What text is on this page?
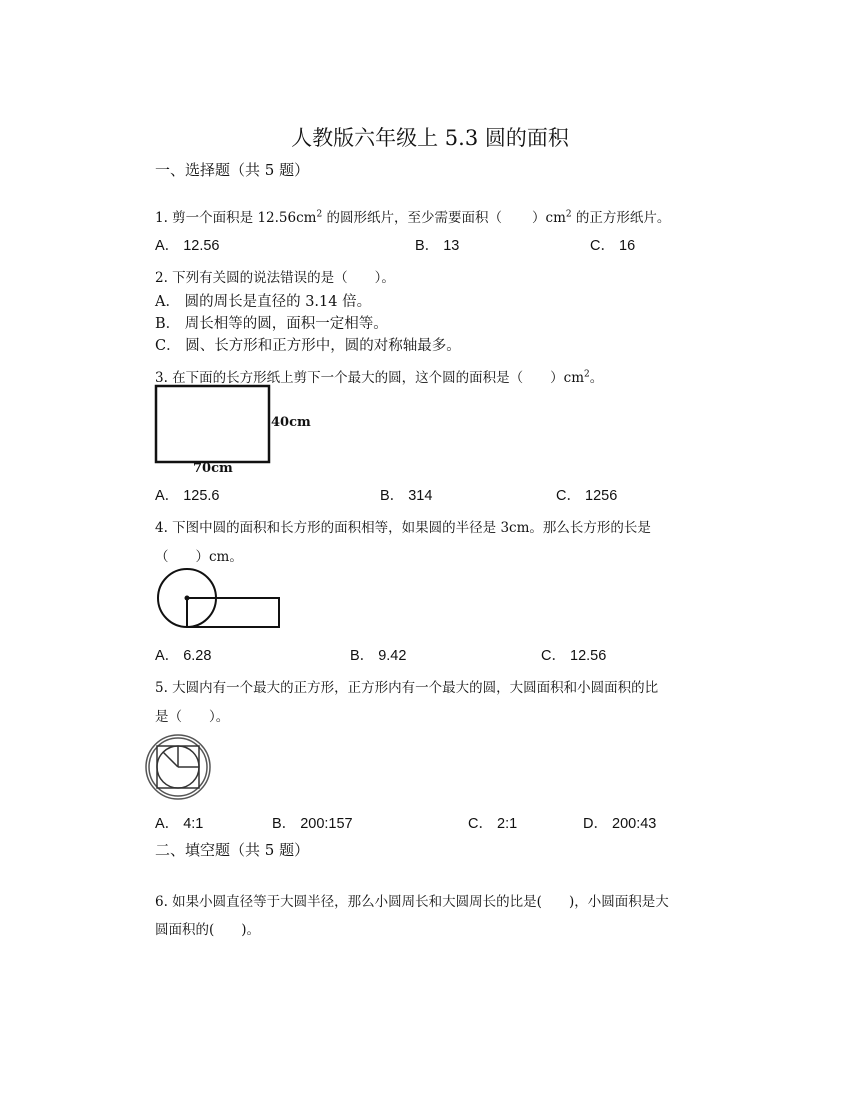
人教版六年级上 5.3 圆的面积
一、选择题（共 5 题）
1. 剪一个面积是 $12.56cm^2$ 的圆形纸片，至少需要面积（ ）$cm^2$ 的正方形纸片。
A． 12.56	B． 13	C． 16
2. 下列有关圆的说法错误的是（　　）。
A． 圆的周长是直径的 3.14 倍。
B． 周长相等的圆，面积一定相等。
C． 圆、长方形和正方形中，圆的对称轴最多。
3. 在下面的长方形纸上剪下一个最大的圆，这个圆的面积是（　　）$cm^2$。
40cm
70cm
A． 125.6	B． 314	C． 1256
4. 下图中圆的面积和长方形的面积相等，如果圆的半径是 3cm。那么长方形的长是
（　　）cm。
A． 6.28	B． 9.42	C． 12.56
5. 大圆内有一个最大的正方形，正方形内有一个最大的圆，大圆面积和小圆面积的比
是（　　）。
A． 4:1	B． 200:157	C． 2:1	D． 200:43
二、填空题（共 5 题）
6. 如果小圆直径等于大圆半径，那么小圆周长和大圆周长的比是(　　)，小圆面积是大
圆面积的(　　)。
